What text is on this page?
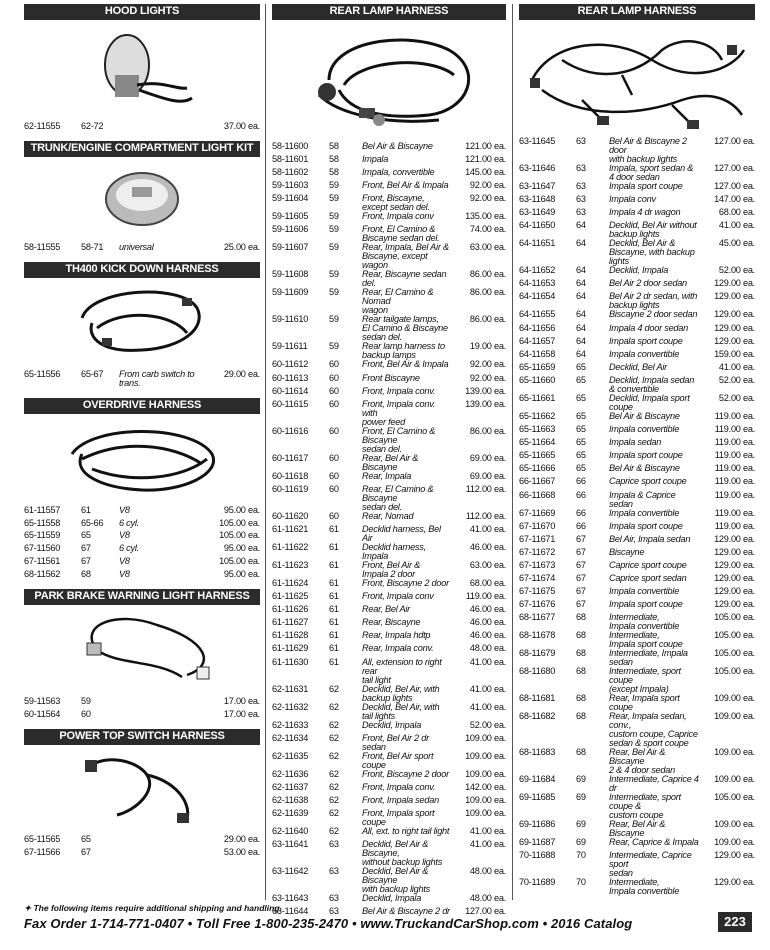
HOOD LIGHTS
62-11555	62-72	37.00 ea.
TRUNK/ENGINE COMPARTMENT LIGHT KIT
58-11555	58-71	universal	25.00 ea.
TH400 KICK DOWN HARNESS
65-11556	65-67	From carb switch to trans.
29.00 ea.
OVERDRIVE HARNESS
61-11557	61	V8	95.00 ea.
65-11558	65-66	6 cyl.	105.00 ea.
65-11559	65	V8	105.00 ea.
67-11560	67	6 cyl.	95.00 ea.
67-11561	67	V8	105.00 ea.
68-11562	68	V8	95.00 ea.
PARK BRAKE WARNING LIGHT HARNESS
59-11563	59	17.00 ea.
60-11564	60	17.00 ea.
POWER TOP SWITCH HARNESS
65-11565	65	29.00 ea.
67-11566	67	53.00 ea.
REAR LAMP HARNESS
58-11600	58	Bel Air & Biscayne	121.00 ea.
58-11601	58	Impala	121.00 ea.
58-11602	58	Impala, convertible	145.00 ea.
59-11603	59	Front, Bel Air & Impala	92.00 ea.
59-11604	59	Front, Biscayne,
except sedan del.
92.00 ea.
59-11605	59	Front, Impala conv	135.00 ea.
59-11606	59	Front, El Camino &
Biscayne sedan del.
74.00 ea.
59-11607	59	Rear, Impala, Bel Air &
Biscayne, except wagon
63.00 ea.
59-11608	59	Rear, Biscayne sedan del.
86.00 ea.
59-11609	59	Rear, El Camino & Nomad
wagon
86.00 ea.
59-11610	59	Rear tailgate lamps,
El Camino & Biscayne
sedan del.
86.00 ea.
59-11611	59	Rear lamp harness to
backup lamps
19.00 ea.
60-11612	60	Front, Bel Air & Impala	92.00 ea.
60-11613	60	Front Biscayne	92.00 ea.
60-11614	60	Front, Impala conv.	139.00 ea.
60-11615	60	Front, Impala conv. with
power feed
139.00 ea.
60-11616	60	Front, El Camino & Biscayne
sedan del.
86.00 ea.
60-11617	60	Rear, Bel Air & Biscayne
69.00 ea.
60-11618	60	Rear, Impala	69.00 ea.
60-11619	60	Rear, El Camino & Biscayne
sedan del.
112.00 ea.
60-11620	60	Rear, Nomad	112.00 ea.
61-11621	61	Decklid harness, Bel Air
41.00 ea.
61-11622	61	Decklid harness, Impala
46.00 ea.
61-11623	61	Front, Bel Air &
Impala 2 door
63.00 ea.
61-11624	61	Front, Biscayne 2 door	68.00 ea.
61-11625	61	Front, Impala conv	119.00 ea.
61-11626	61	Rear, Bel Air	46.00 ea.
61-11627	61	Rear, Biscayne	46.00 ea.
61-11628	61	Rear, Impala hdtp	46.00 ea.
61-11629	61	Rear, Impala conv.	48.00 ea.
61-11630	61	All, extension to right rear
tail light
41.00 ea.
62-11631	62	Decklid, Bel Air, with
backup lights
41.00 ea.
62-11632	62	Decklid, Bel Air, with
tail lights
41.00 ea.
62-11633	62	Decklid, Impala	52.00 ea.
62-11634	62	Front, Bel Air 2 dr sedan
109.00 ea.
62-11635	62	Front, Bel Air sport coupe
109.00 ea.
62-11636	62	Front, Biscayne 2 door	109.00 ea.
62-11637	62	Front, Impala conv.	142.00 ea.
62-11638	62	Front, Impala sedan	109.00 ea.
62-11639	62	Front, Impala sport coupe
109.00 ea.
62-11640	62	All, ext. to right tail light	41.00 ea.
63-11641	63	Decklid, Bel Air & Biscayne,
without backup lights
41.00 ea.
63-11642	63	Decklid, Bel Air & Biscayne
with backup lights
48.00 ea.
63-11643	63	Decklid, Impala	48.00 ea.
63-11644	63	Bel Air & Biscayne 2 dr	127.00 ea.
REAR LAMP HARNESS
63-11645	63	Bel Air & Biscayne 2 door
with backup lights
127.00 ea.
63-11646	63	Impala, sport sedan &
4 door sedan
127.00 ea.
63-11647	63	Impala sport coupe	127.00 ea.
63-11648	63	Impala conv	147.00 ea.
63-11649	63	Impala 4 dr wagon	68.00 ea.
64-11650	64	Decklid, Bel Air without
backup lights
41.00 ea.
64-11651	64	Decklid, Bel Air &
Biscayne, with backup
lights
45.00 ea.
64-11652	64	Decklid, Impala	52.00 ea.
64-11653	64	Bel Air 2 door sedan	129.00 ea.
64-11654	64	Bel Air 2 dr sedan, with
backup lights
129.00 ea.
64-11655	64	Biscayne 2 door sedan	129.00 ea.
64-11656	64	Impala 4 door sedan	129.00 ea.
64-11657	64	Impala sport coupe	129.00 ea.
64-11658	64	Impala convertible	159.00 ea.
65-11659	65	Decklid, Bel Air	41.00 ea.
65-11660	65	Decklid, Impala sedan
& convertible
52.00 ea.
65-11661	65	Decklid, Impala sport
coupe
52.00 ea.
65-11662	65	Bel Air & Biscayne	119.00 ea.
65-11663	65	Impala convertible	119.00 ea.
65-11664	65	Impala sedan	119.00 ea.
65-11665	65	Impala sport coupe	119.00 ea.
65-11666	65	Bel Air & Biscayne	119.00 ea.
66-11667	66	Caprice sport coupe	119.00 ea.
66-11668	66	Impala & Caprice sedan
119.00 ea.
67-11669	66	Impala convertible	119.00 ea.
67-11670	66	Impala sport coupe	119.00 ea.
67-11671	67	Bel Air, Impala sedan	129.00 ea.
67-11672	67	Biscayne	129.00 ea.
67-11673	67	Caprice sport coupe	129.00 ea.
67-11674	67	Caprice sport sedan	129.00 ea.
67-11675	67	Impala convertible	129.00 ea.
67-11676	67	Impala sport coupe	129.00 ea.
68-11677	68	Intermediate,
Impala convertible
105.00 ea.
68-11678	68	Intermediate,
Impala sport coupe
105.00 ea.
68-11679	68	Intermediate, Impala sedan
105.00 ea.
68-11680	68	Intermediate, sport coupe
(except Impala)
105.00 ea.
68-11681	68	Rear, Impala sport coupe
109.00 ea.
68-11682	68	Rear, Impala sedan, conv.,
custom coupe, Caprice
sedan & sport coupe
109.00 ea.
68-11683	68	Rear, Bel Air & Biscayne
2 & 4 door sedan
109.00 ea.
69-11684	69	Intermediate, Caprice 4 dr
109.00 ea.
69-11685	69	Intermediate, sport coupe &
custom coupe
105.00 ea.
69-11686	69	Rear, Bel Air & Biscayne
109.00 ea.
69-11687	69	Rear, Caprice & Impala	109.00 ea.
70-11688	70	Intermediate, Caprice sport
sedan
129.00 ea.
70-11689	70	Intermediate,
Impala convertible
129.00 ea.
✦ The following items require additional shipping and handling.
Fax Order 1-714-771-0407 • Toll Free 1-800-235-2470 • www.TruckandCarShop.com • 2016 Catalog	223
